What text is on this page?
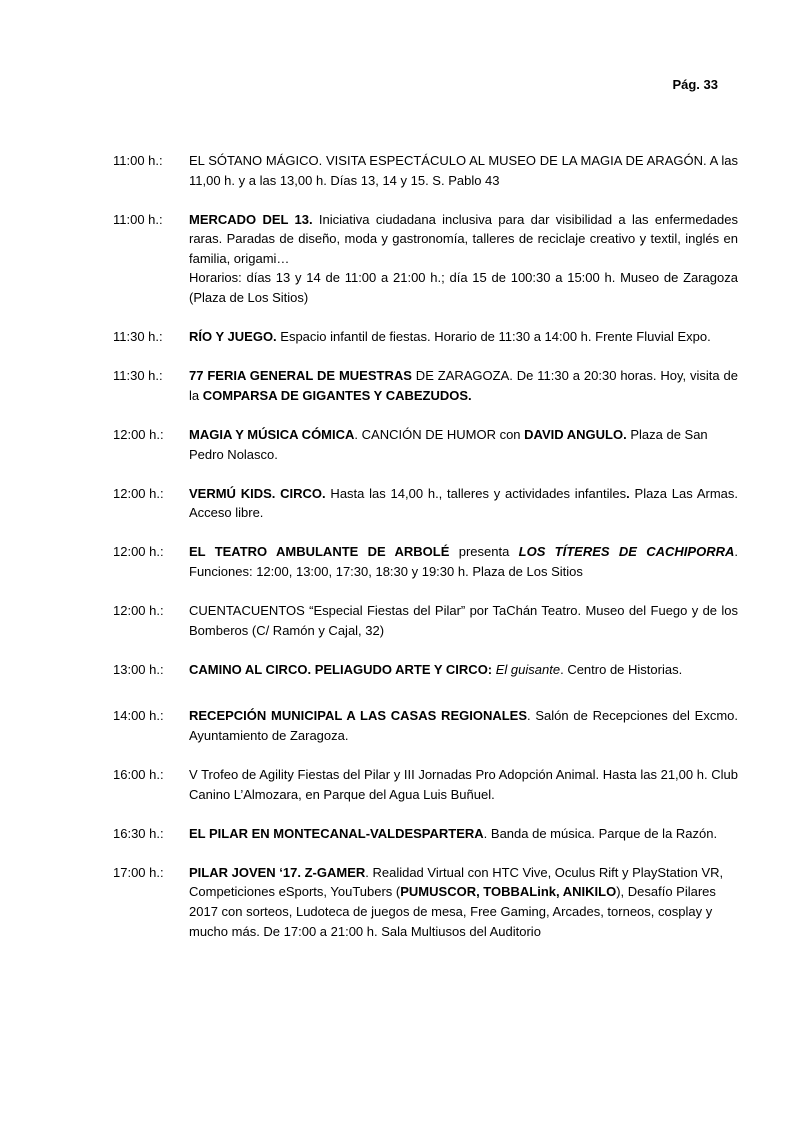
Pág. 33
11:00 h.:	EL SÓTANO MÁGICO. VISITA ESPECTÁCULO AL MUSEO DE LA MAGIA DE ARAGÓN. A las 11,00 h. y a las 13,00 h. Días 13, 14 y 15. S. Pablo 43

11:00 h.:	MERCADO DEL 13. Iniciativa ciudadana inclusiva para dar visibilidad a las enfermedades raras. Paradas de diseño, moda y gastronomía, talleres de reciclaje creativo y textil, inglés en familia, origami…

Horarios: días 13 y 14 de 11:00 a 21:00 h.; día 15 de 100:30 a 15:00 h. Museo de Zaragoza (Plaza de Los Sitios)

11:30 h.:	RÍO Y JUEGO. Espacio infantil de fiestas. Horario de 11:30 a 14:00 h. Frente Fluvial Expo.

11:30 h.:	77 FERIA GENERAL DE MUESTRAS DE ZARAGOZA. De 11:30 a 20:30 horas. Hoy, visita de la COMPARSA DE GIGANTES Y CABEZUDOS.

12:00 h.:	MAGIA Y MÚSICA CÓMICA. CANCIÓN DE HUMOR con DAVID ANGULO. Plaza de San Pedro Nolasco.

12:00 h.:	VERMÚ KIDS. CIRCO. Hasta las 14,00 h., talleres y actividades infantiles. Plaza Las Armas. Acceso libre.

12:00 h.:	EL TEATRO AMBULANTE DE ARBOLÉ presenta LOS TÍTERES DE CACHIPORRA. Funciones: 12:00, 13:00, 17:30, 18:30 y 19:30 h. Plaza de Los Sitios

12:00 h.:	CUENTACUENTOS “Especial Fiestas del Pilar” por TaChán Teatro. Museo del Fuego y de los Bomberos (C/ Ramón y Cajal, 32)

13:00 h.:	CAMINO AL CIRCO. PELIAGUDO ARTE Y CIRCO: El guisante. Centro de Historias.

14:00 h.:	RECEPCIÓN MUNICIPAL A LAS CASAS REGIONALES. Salón de Recepciones del Excmo. Ayuntamiento de Zaragoza.

16:00 h.:	V Trofeo de Agility Fiestas del Pilar y III Jornadas Pro Adopción Animal. Hasta las 21,00 h. Club Canino L’Almozara, en Parque del Agua Luis Buñuel.

16:30 h.:	EL PILAR EN MONTECANAL-VALDESPARTERA. Banda de música. Parque de la Razón.

17:00 h.:	PILAR JOVEN ‘17. Z-GAMER. Realidad Virtual con HTC Vive, Oculus Rift y PlayStation VR, Competiciones eSports, YouTubers (PUMUSCOR, TOBBALink, ANIKILO), Desafío Pilares 2017 con sorteos, Ludoteca de juegos de mesa, Free Gaming, Arcades, torneos, cosplay y mucho más. De 17:00 a 21:00 h. Sala Multiusos del Auditorio
